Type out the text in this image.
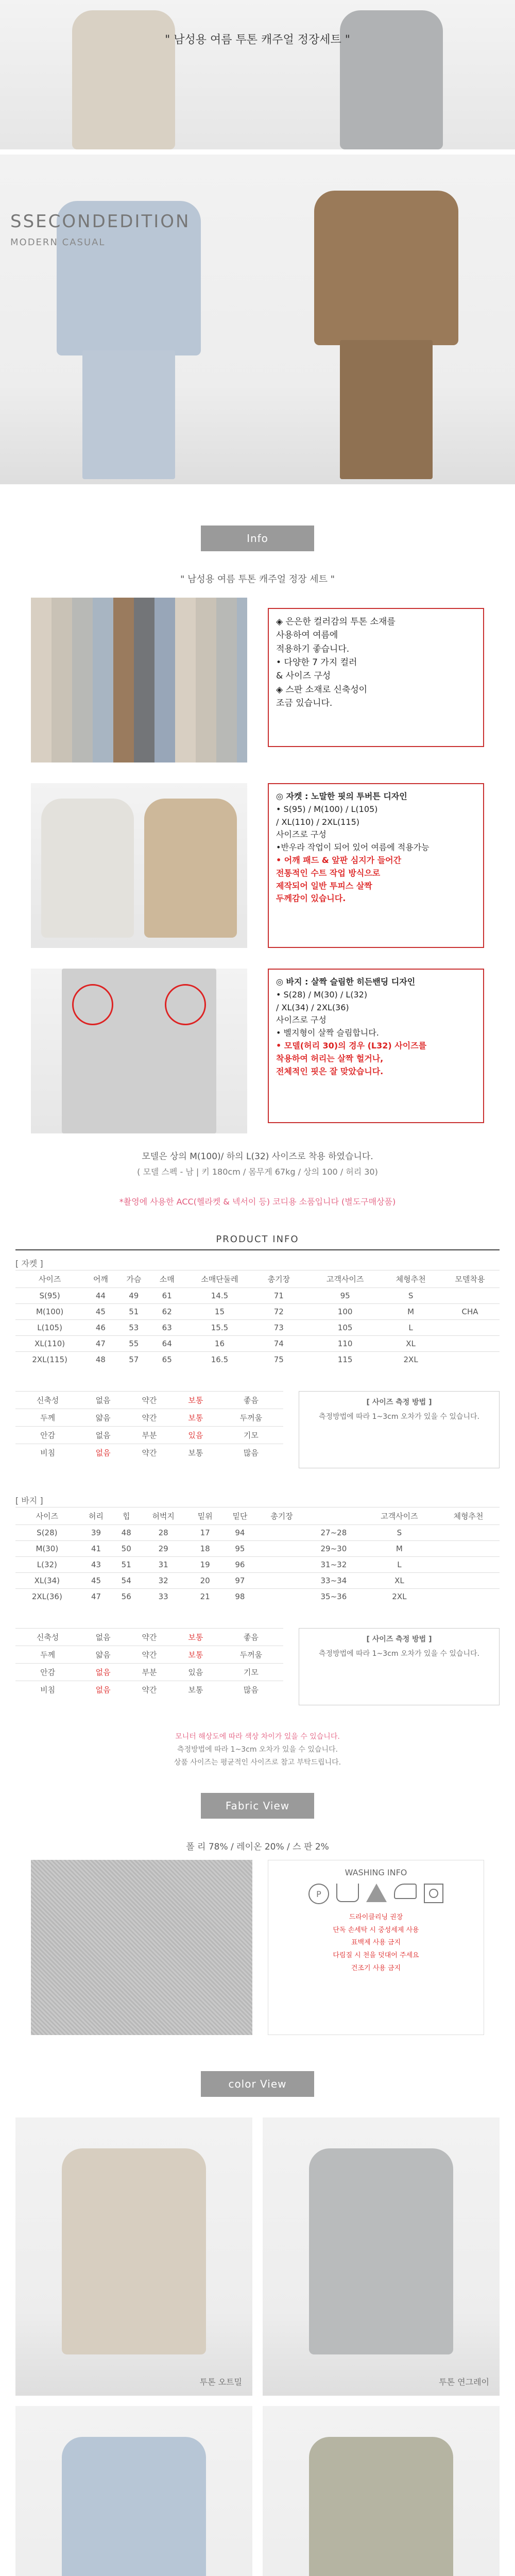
" 남성용 여름 투톤 캐주얼 정장세트 "
SSECONDEDITION
MODERN CASUAL
Info
" 남성용 여름 투톤 캐주얼 정장 세트 "
◈ 은은한 컬러감의 투톤 소재를
사용하여 여름에
적용하기 좋습니다.
• 다양한 7 가지 컬러
& 사이즈 구성
◈ 스판 소재로 신축성이
조금 있습니다.
◎ 자켓 : 노말한 핏의 투버튼 디자인
• S(95) / M(100) / L(105)
/ XL(110) / 2XL(115)
사이즈로 구성
•반우라 작업이 되어 있어 여름에 적용가능
• 어깨 패드 & 앞판 심지가 들어간
전통적인 수트 작업 방식으로
제작되어 일반 투피스 살짝
두께감이 있습니다.
◎ 바지 : 살짝 슬림한 히든밴딩 디자인
• S(28) / M(30) / L(32)
/ XL(34) / 2XL(36)
사이즈로 구성
• 벨지형이 살짝 슬림합니다.
• 모델(허리 30)의 경우 (L32) 사이즈를
착용하여 허리는 살짝 헐거나,
전체적인 핏은 잘 맞았습니다.
모델은 상의 M(100)/ 하의 L(32) 사이즈로 착용 하였습니다.
( 모델 스펙 - 남 | 키 180cm / 몸무게 67kg / 상의 100 / 허리 30)
*촬영에 사용한 ACC(헬라켓 & 넥서이 등) 코디용 소품입니다 (별도구매상품)
PRODUCT INFO
[ 자켓 ]
사이즈	어깨	가슴	소매	소매단둘레	총기장		고객사이즈	체형추천	모델착용
S(95)	44	49	61	14.5	71		95	S	
M(100)	45	51	62	15	72		100	M	CHA
L(105)	46	53	63	15.5	73		105	L	
XL(110)	47	55	64	16	74		110	XL	
2XL(115)	48	57	65	16.5	75		115	2XL	
신축성	없음	약간	보통	좋음
두께	얇음	약간	보통	두꺼움
안감	없음	부분	있음	기모
비침	없음	약간	보통	많음
[ 사이즈 측정 방법 ]
측정방법에 따라 1~3cm 오차가 있을 수 있습니다.
[ 바지 ]
사이즈	허리	힙	허벅지	밑위	밑단	총기장		고객사이즈	체형추천
S(28)	39	48	28	17	94		27~28	S	
M(30)	41	50	29	18	95		29~30	M	
L(32)	43	51	31	19	96		31~32	L	
XL(34)	45	54	32	20	97		33~34	XL	
2XL(36)	47	56	33	21	98		35~36	2XL	
신축성	없음	약간	보통	좋음
두께	얇음	약간	보통	두꺼움
안감	없음	부분	있음	기모
비침	없음	약간	보통	많음
[ 사이즈 측정 방법 ]
측정방법에 따라 1~3cm 오차가 있을 수 있습니다.
모니터 해상도에 따라 색상 차이가 있을 수 있습니다.
측정방법에 따라 1~3cm 오차가 있을 수 있습니다.
상품 사이즈는 평균적인 사이즈로 참고 부탁드립니다.
Fabric View
폴 리 78% / 레이온 20% / 스 판 2%
WASHING INFO
P
드라이클리닝 권장
단독 손세탁 시 중성세제 사용
표백제 사용 금지
다림질 시 천을 덧대어 주세요
건조기 사용 금지
color View
투톤 오트밀	투톤 연그레이
